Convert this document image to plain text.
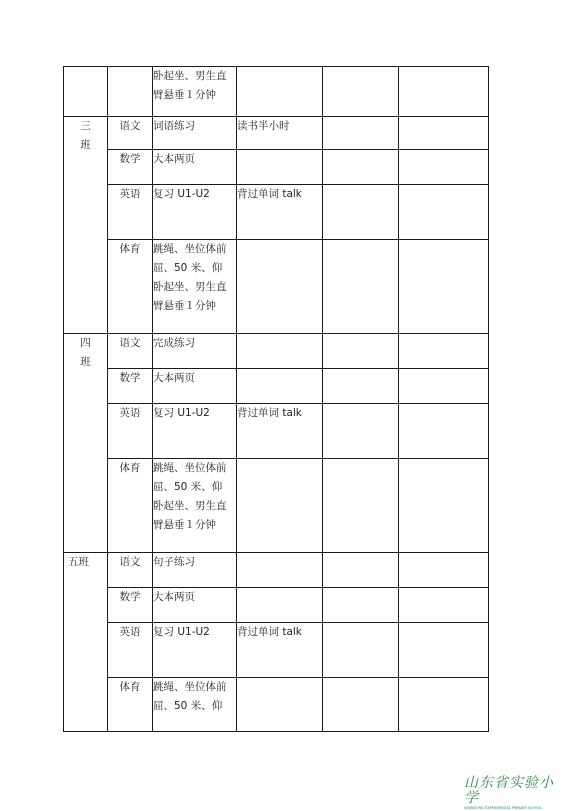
		卧起坐、男生直
臂悬垂１分钟			
三
班	语文	词语练习	读书半小时		
	数学	大本两页			
	英语	复习 U1-U2	背过单词 talk		
	体育	跳绳、坐位体前
屈、50 米、仰
卧起坐、男生直
臂悬垂１分钟			
四
班	语文	完成练习			
	数学	大本两页			
	英语	复习 U1-U2	背过单词 talk		
	体育	跳绳、坐位体前
屈、50 米、仰
卧起坐、男生直
臂悬垂１分钟			
五班	语文	句子练习			
	数学	大本两页			
	英语	复习 U1-U2	背过单词 talk		
	体育	跳绳、坐位体前
屈、50 米、仰			
山东省实验小学
SHANDONG EXPERIMENTAL PRIMARY SCHOOL
